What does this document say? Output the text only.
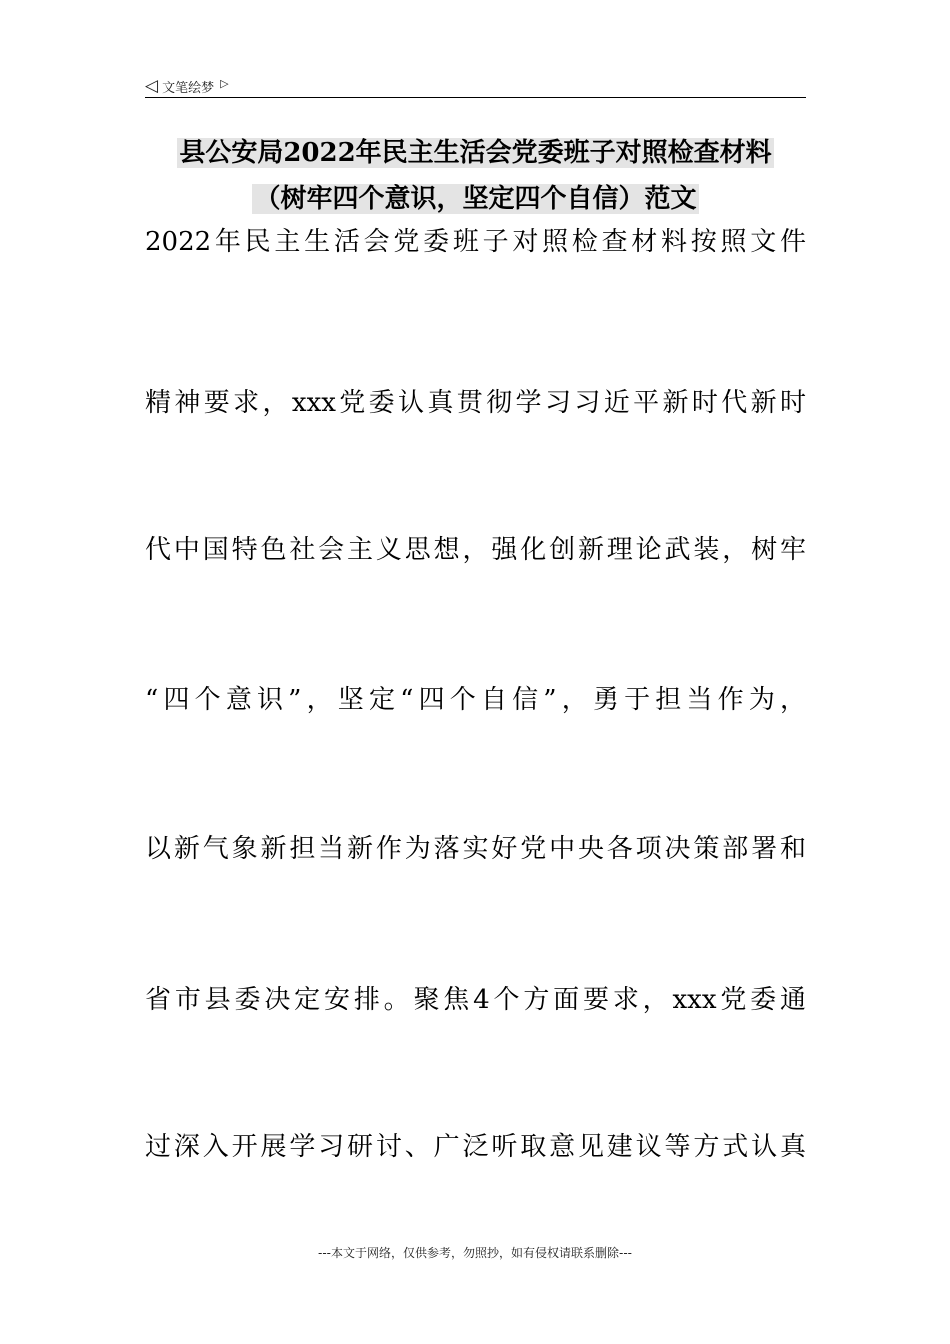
◁ 文笔绘梦 ▷
县公安局2022年民主生活会党委班子对照检查材料
（树牢四个意识，坚定四个自信）范文
2022年民主生活会党委班子对照检查材料按照文件
精神要求，xxx党委认真贯彻学习习近平新时代新时
代中国特色社会主义思想，强化创新理论武装，树牢
“四个意识”，坚定“四个自信”，勇于担当作为，
以新气象新担当新作为落实好党中央各项决策部署和
省市县委决定安排。聚焦4个方面要求，xxx党委通
过深入开展学习研讨、广泛听取意见建议等方式认真
---本文于网络，仅供参考，勿照抄，如有侵权请联系删除---
